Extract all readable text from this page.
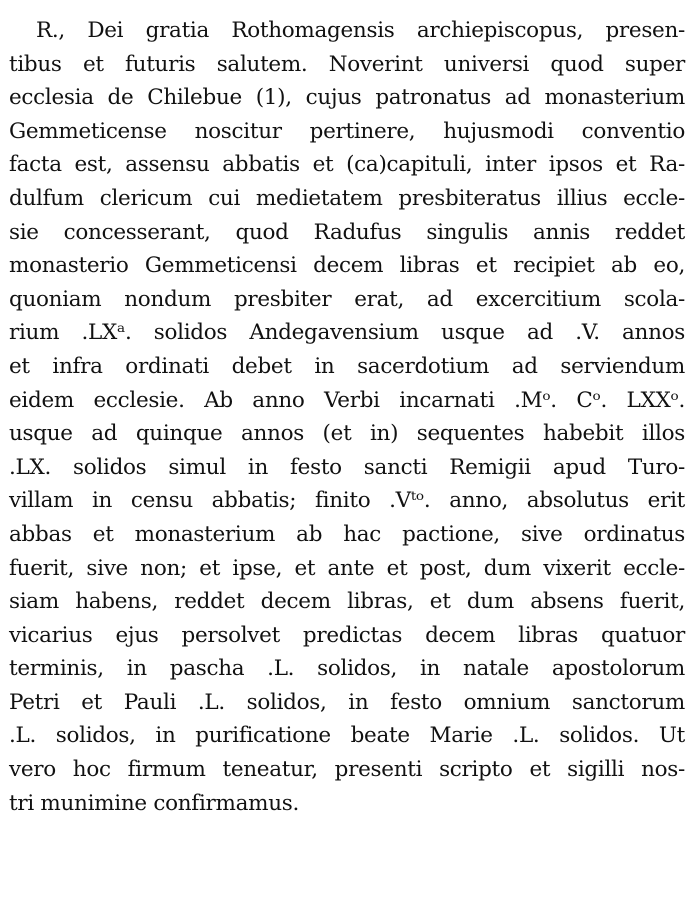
R., Dei gratia Rothomagensis archiepiscopus, presen-
tibus et futuris salutem. Noverint universi quod super
ecclesia de Chilebue (1), cujus patronatus ad monasterium
Gemmeticense noscitur pertinere, hujusmodi conventio
facta est, assensu abbatis et (ca)capituli, inter ipsos et Ra-
dulfum clericum cui medietatem presbiteratus illius eccle-
sie concesserant, quod Radufus singulis annis reddet
monasterio Gemmeticensi decem libras et recipiet ab eo,
quoniam nondum presbiter erat, ad excercitium scola-
rium .LXᵃ. solidos Andegavensium usque ad .V. annos
et infra ordinati debet in sacerdotium ad serviendum
eidem ecclesie. Ab anno Verbi incarnati .Mᵒ. Cᵒ. LXXᵒ.
usque ad quinque annos (et in) sequentes habebit illos
.LX. solidos simul in festo sancti Remigii apud Turo-
villam in censu abbatis; finito .Vᵗᵒ. anno, absolutus erit
abbas et monasterium ab hac pactione, sive ordinatus
fuerit, sive non; et ipse, et ante et post, dum vixerit eccle-
siam habens, reddet decem libras, et dum absens fuerit,
vicarius ejus persolvet predictas decem libras quatuor
terminis, in pascha .L. solidos, in natale apostolorum
Petri et Pauli .L. solidos, in festo omnium sanctorum
.L. solidos, in purificatione beate Marie .L. solidos. Ut
vero hoc firmum teneatur, presenti scripto et sigilli nos-
tri munimine confirmamus.
